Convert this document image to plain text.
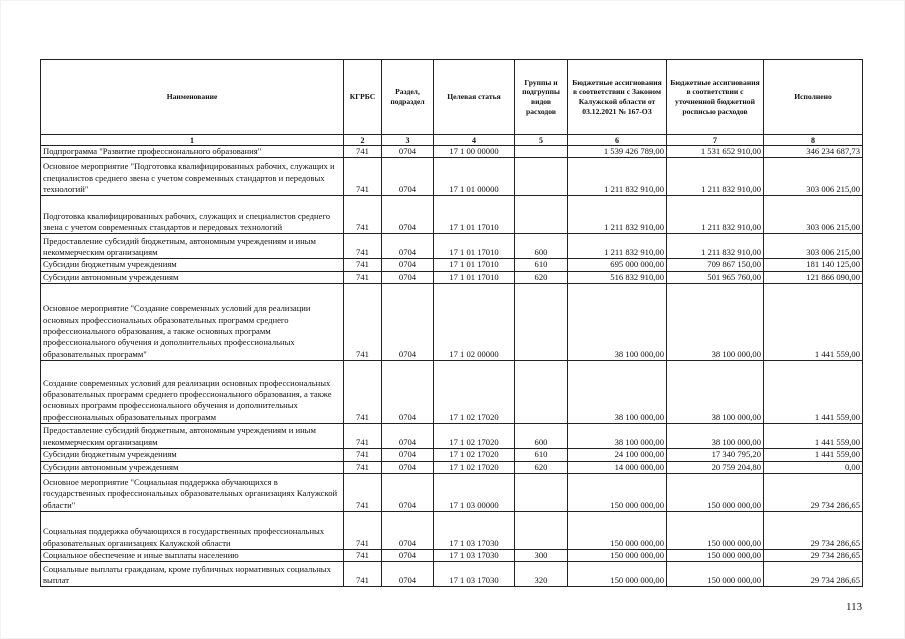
Наименование	КГРБС	Раздел, подраздел	Целевая статья	Группы и подгруппы видов расходов	Бюджетные ассигнования в соответствии с Законом Калужской области от 03.12.2021 № 167-ОЗ	Бюджетные ассигнования в соответствии с уточненной бюджетной росписью расходов	Исполнено
1	2	3	4	5	6	7	8
Подпрограмма "Развитие профессионального образования"	741	0704	17 1 00 00000		1 539 426 789,00	1 531 652 910,00	346 234 687,73
Основное мероприятие "Подготовка квалифицированных рабочих, служащих и специалистов среднего звена с учетом современных стандартов и передовых технологий"	741	0704	17 1 01 00000		1 211 832 910,00	1 211 832 910,00	303 006 215,00
Подготовка квалифицированных рабочих, служащих и специалистов среднего звена с учетом современных стандартов и передовых технологий	741	0704	17 1 01 17010		1 211 832 910,00	1 211 832 910,00	303 006 215,00
Предоставление субсидий бюджетным, автономным учреждениям и иным некоммерческим организациям	741	0704	17 1 01 17010	600	1 211 832 910,00	1 211 832 910,00	303 006 215,00
Субсидии бюджетным учреждениям	741	0704	17 1 01 17010	610	695 000 000,00	709 867 150,00	181 140 125,00
Субсидии автономным учреждениям	741	0704	17 1 01 17010	620	516 832 910,00	501 965 760,00	121 866 090,00
Основное мероприятие "Создание современных условий для реализации основных профессиональных образовательных программ среднего профессионального образования, а также основных программ профессионального обучения и дополнительных профессиональных образовательных программ"	741	0704	17 1 02 00000		38 100 000,00	38 100 000,00	1 441 559,00
Создание современных условий для реализации основных профессиональных образовательных программ среднего профессионального образования, а также основных программ профессионального обучения и дополнительных профессиональных образовательных программ	741	0704	17 1 02 17020		38 100 000,00	38 100 000,00	1 441 559,00
Предоставление субсидий бюджетным, автономным учреждениям и иным некоммерческим организациям	741	0704	17 1 02 17020	600	38 100 000,00	38 100 000,00	1 441 559,00
Субсидии бюджетным учреждениям	741	0704	17 1 02 17020	610	24 100 000,00	17 340 795,20	1 441 559,00
Субсидии автономным учреждениям	741	0704	17 1 02 17020	620	14 000 000,00	20 759 204,80	0,00
Основное мероприятие "Социальная поддержка обучающихся в государственных профессиональных образовательных организациях Калужской области"	741	0704	17 1 03 00000		150 000 000,00	150 000 000,00	29 734 286,65
Социальная поддержка обучающихся в государственных профессиональных образовательных организациях Калужской области	741	0704	17 1 03 17030		150 000 000,00	150 000 000,00	29 734 286,65
Социальное обеспечение и иные выплаты населению	741	0704	17 1 03 17030	300	150 000 000,00	150 000 000,00	29 734 286,65
Социальные выплаты гражданам, кроме публичных нормативных социальных выплат	741	0704	17 1 03 17030	320	150 000 000,00	150 000 000,00	29 734 286,65
113
